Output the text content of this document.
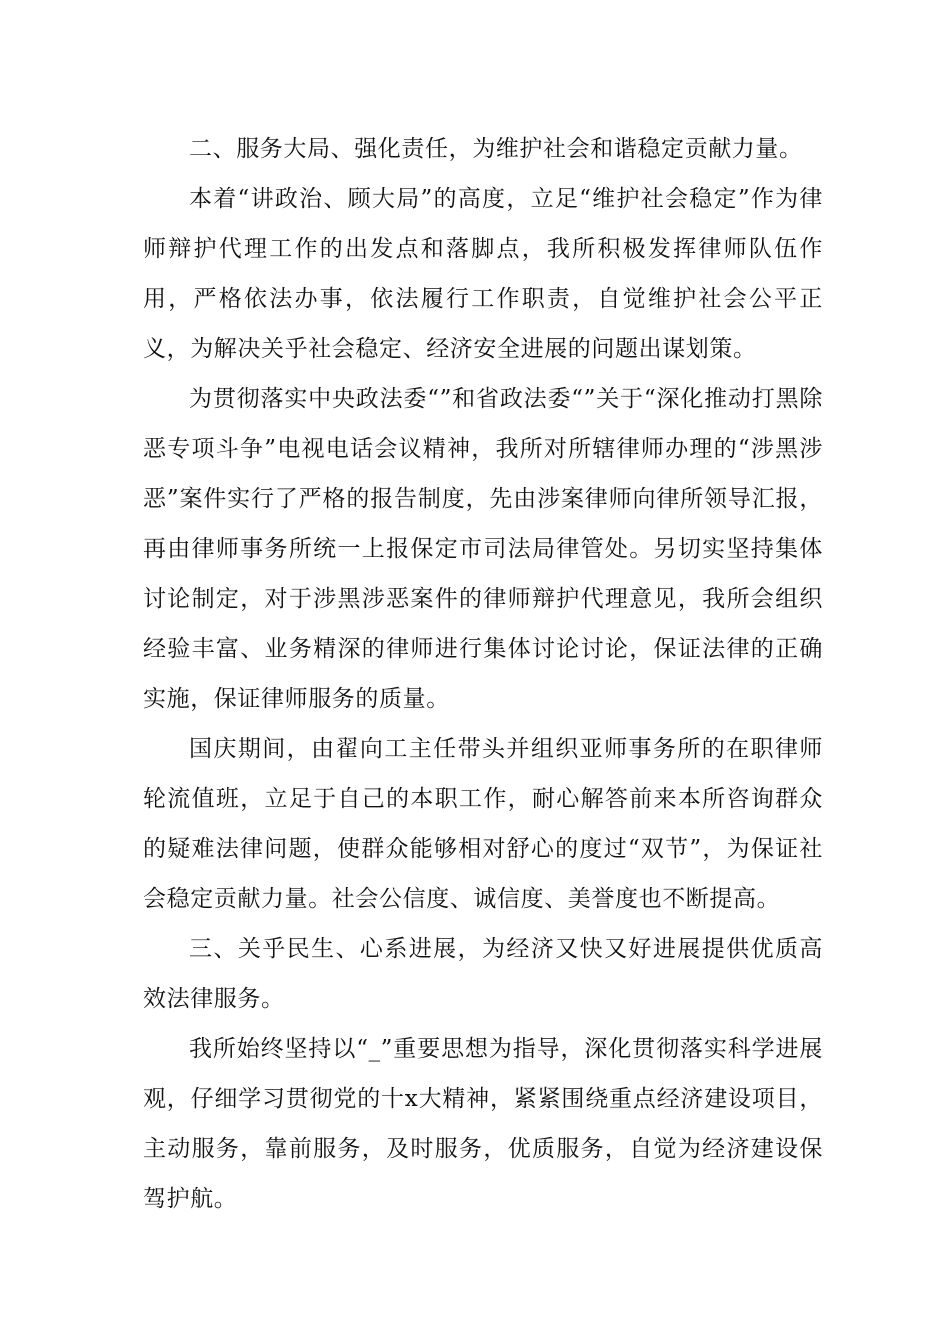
二、服务大局、强化责任，为维护社会和谐稳定贡献力量。

本着“讲政治、顾大局”的高度，立足“维护社会稳定”作为律师辩护代理工作的出发点和落脚点，我所积极发挥律师队伍作用，严格依法办事，依法履行工作职责，自觉维护社会公平正义，为解决关乎社会稳定、经济安全进展的问题出谋划策。

为贯彻落实中央政法委“”和省政法委“”关于“深化推动打黑除恶专项斗争”电视电话会议精神，我所对所辖律师办理的“涉黑涉恶”案件实行了严格的报告制度，先由涉案律师向律所领导汇报，再由律师事务所统一上报保定市司法局律管处。另切实坚持集体讨论制定，对于涉黑涉恶案件的律师辩护代理意见，我所会组织经验丰富、业务精深的律师进行集体讨论讨论，保证法律的正确实施，保证律师服务的质量。

国庆期间，由翟向工主任带头并组织亚师事务所的在职律师轮流值班，立足于自己的本职工作，耐心解答前来本所咨询群众的疑难法律问题，使群众能够相对舒心的度过“双节”，为保证社会稳定贡献力量。社会公信度、诚信度、美誉度也不断提高。

三、关乎民生、心系进展，为经济又快又好进展提供优质高效法律服务。

我所始终坚持以“_”重要思想为指导，深化贯彻落实科学进展观，仔细学习贯彻党的十x大精神，紧紧围绕重点经济建设项目，主动服务，靠前服务，及时服务，优质服务，自觉为经济建设保驾护航。
